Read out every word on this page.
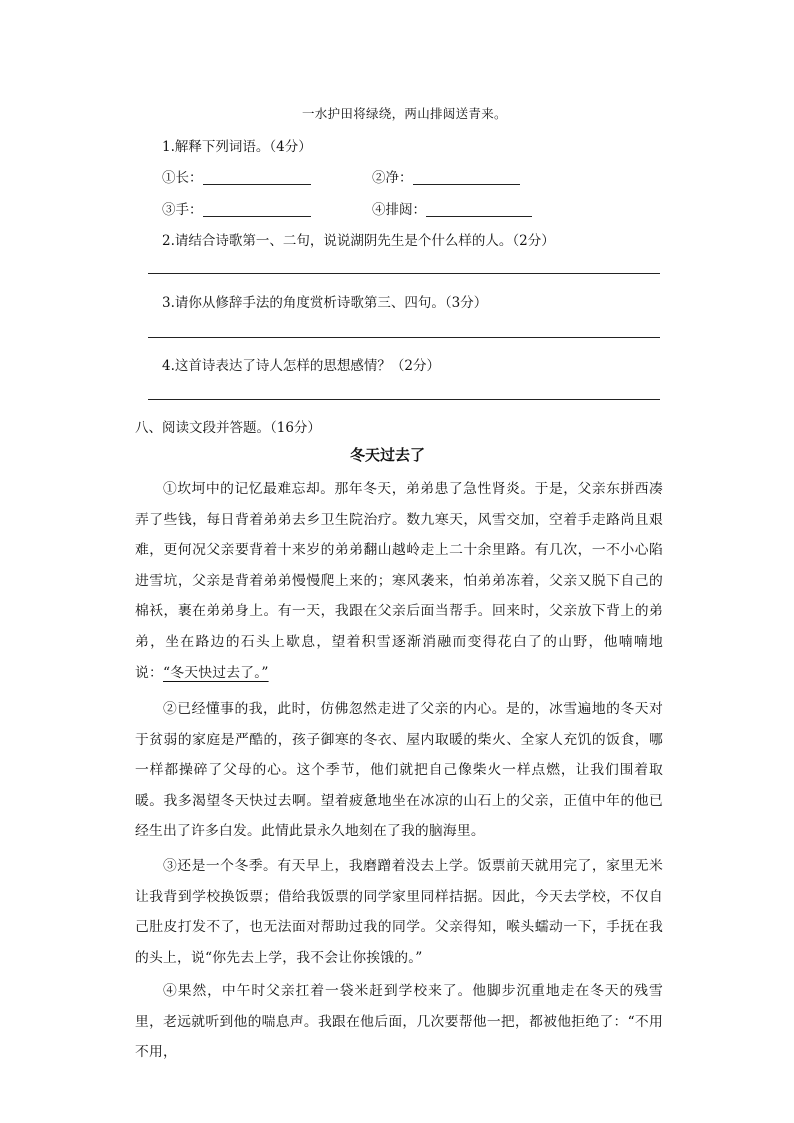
一水护田将绿绕，两山排闼送青来。
1.解释下列词语。（4分）
①长：	②净：
③手：	④排闼：
2.请结合诗歌第一、二句，说说湖阴先生是个什么样的人。（2分）
3.请你从修辞手法的角度赏析诗歌第三、四句。（3分）
4.这首诗表达了诗人怎样的思想感情？（2分）
八、阅读文段并答题。（16分）
冬天过去了
①坎坷中的记忆最难忘却。那年冬天，弟弟患了急性肾炎。于是，父亲东拼西凑弄了些钱，每日背着弟弟去乡卫生院治疗。数九寒天，风雪交加，空着手走路尚且艰难，更何况父亲要背着十来岁的弟弟翻山越岭走上二十余里路。有几次，一不小心陷进雪坑，父亲是背着弟弟慢慢爬上来的；寒风袭来，怕弟弟冻着，父亲又脱下自己的棉袄，裹在弟弟身上。有一天，我跟在父亲后面当帮手。回来时，父亲放下背上的弟弟，坐在路边的石头上歇息，望着积雪逐渐消融而变得花白了的山野，他喃喃地说：“冬天快过去了。”
②已经懂事的我，此时，仿佛忽然走进了父亲的内心。是的，冰雪遍地的冬天对于贫弱的家庭是严酷的，孩子御寒的冬衣、屋内取暖的柴火、全家人充饥的饭食，哪一样都操碎了父母的心。这个季节，他们就把自己像柴火一样点燃，让我们围着取暖。我多渴望冬天快过去啊。望着疲惫地坐在冰凉的山石上的父亲，正值中年的他已经生出了许多白发。此情此景永久地刻在了我的脑海里。
③还是一个冬季。有天早上，我磨蹭着没去上学。饭票前天就用完了，家里无米让我背到学校换饭票；借给我饭票的同学家里同样拮据。因此，今天去学校，不仅自己肚皮打发不了，也无法面对帮助过我的同学。父亲得知，喉头蠕动一下，手抚在我的头上，说“你先去上学，我不会让你挨饿的。”
④果然，中午时父亲扛着一袋米赶到学校来了。他脚步沉重地走在冬天的残雪里，老远就听到他的喘息声。我跟在他后面，几次要帮他一把，都被他拒绝了：“不用不用，
